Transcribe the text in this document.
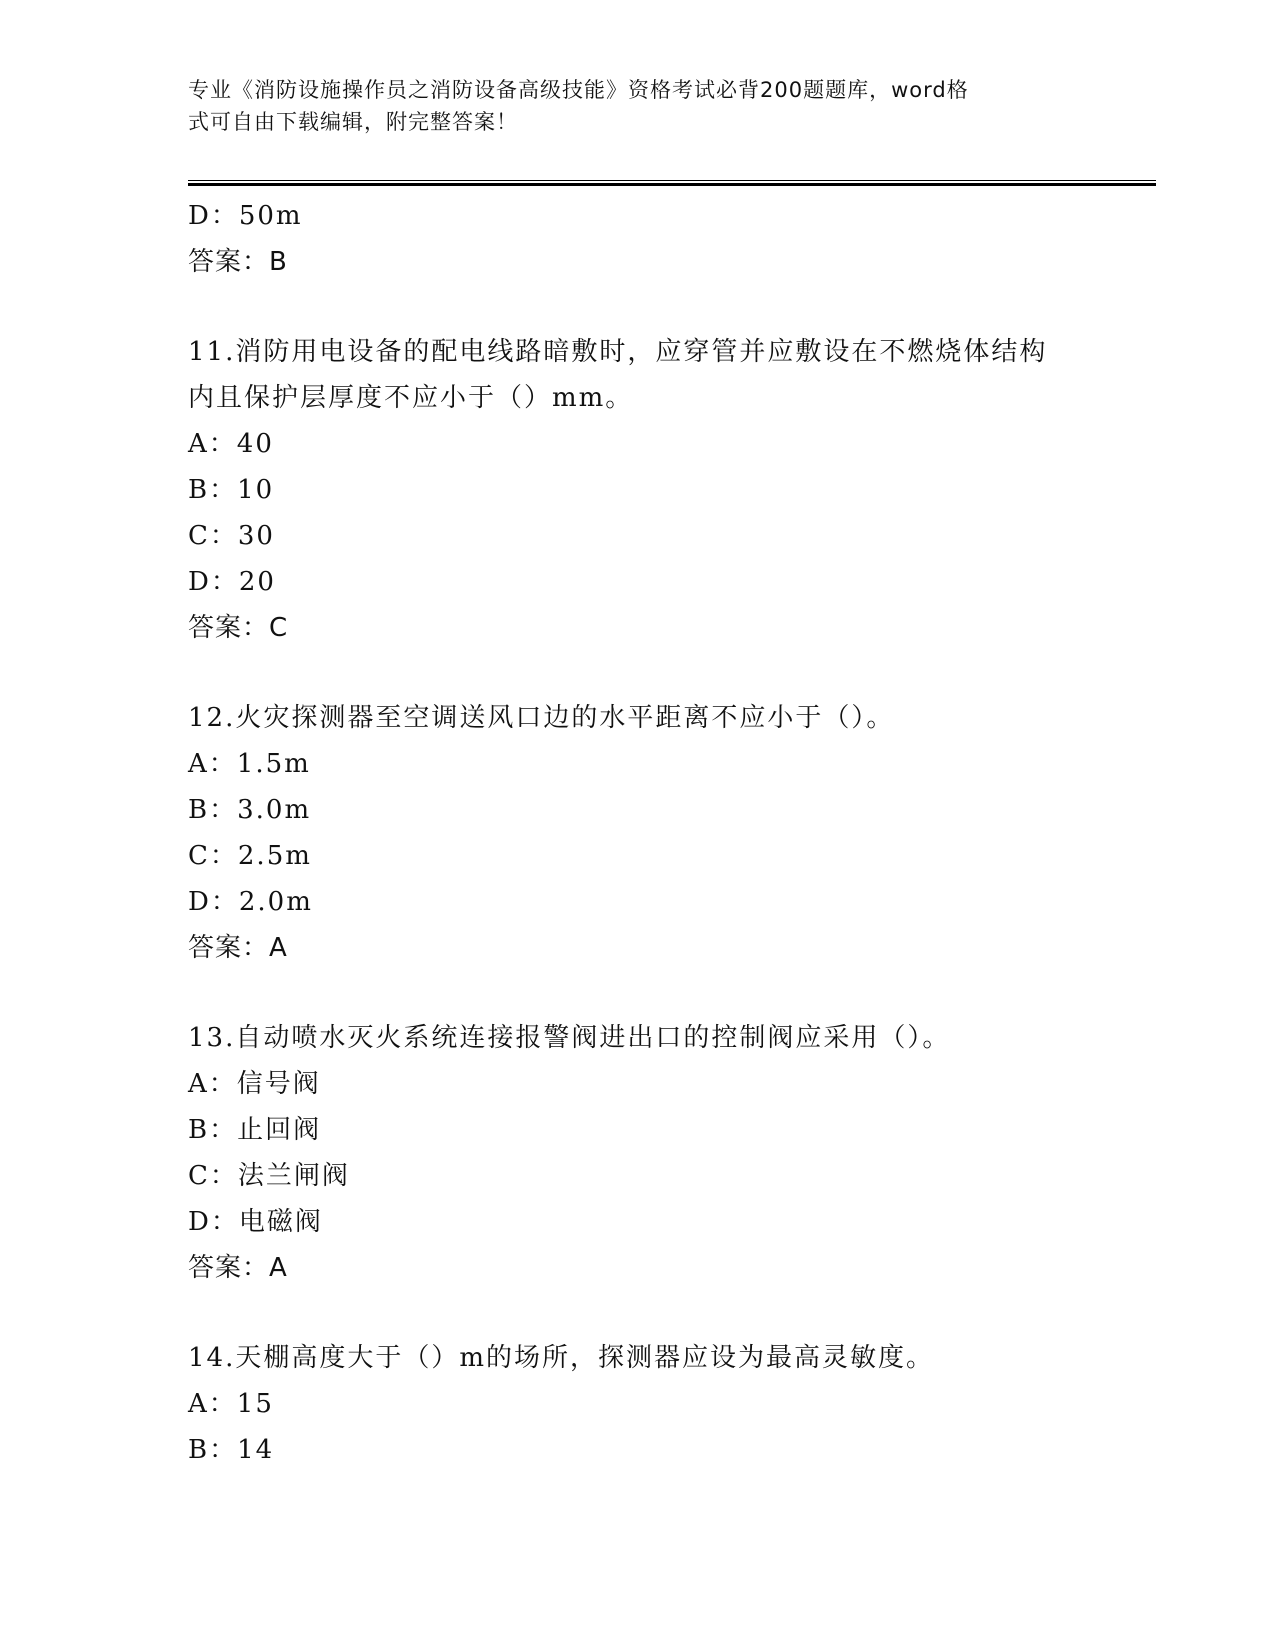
专业《消防设施操作员之消防设备高级技能》资格考试必背200题题库，word格
式可自由下载编辑，附完整答案！
D：50m
答案：B
11.消防用电设备的配电线路暗敷时，应穿管并应敷设在不燃烧体结构
内且保护层厚度不应小于（）mm。
A：40
B：10
C：30
D：20
答案：C
12.火灾探测器至空调送风口边的水平距离不应小于（）。
A：1.5m
B：3.0m
C：2.5m
D：2.0m
答案：A
13.自动喷水灭火系统连接报警阀进出口的控制阀应采用（）。
A：信号阀
B：止回阀
C：法兰闸阀
D：电磁阀
答案：A
14.天棚高度大于（）m的场所，探测器应设为最高灵敏度。
A：15
B：14
